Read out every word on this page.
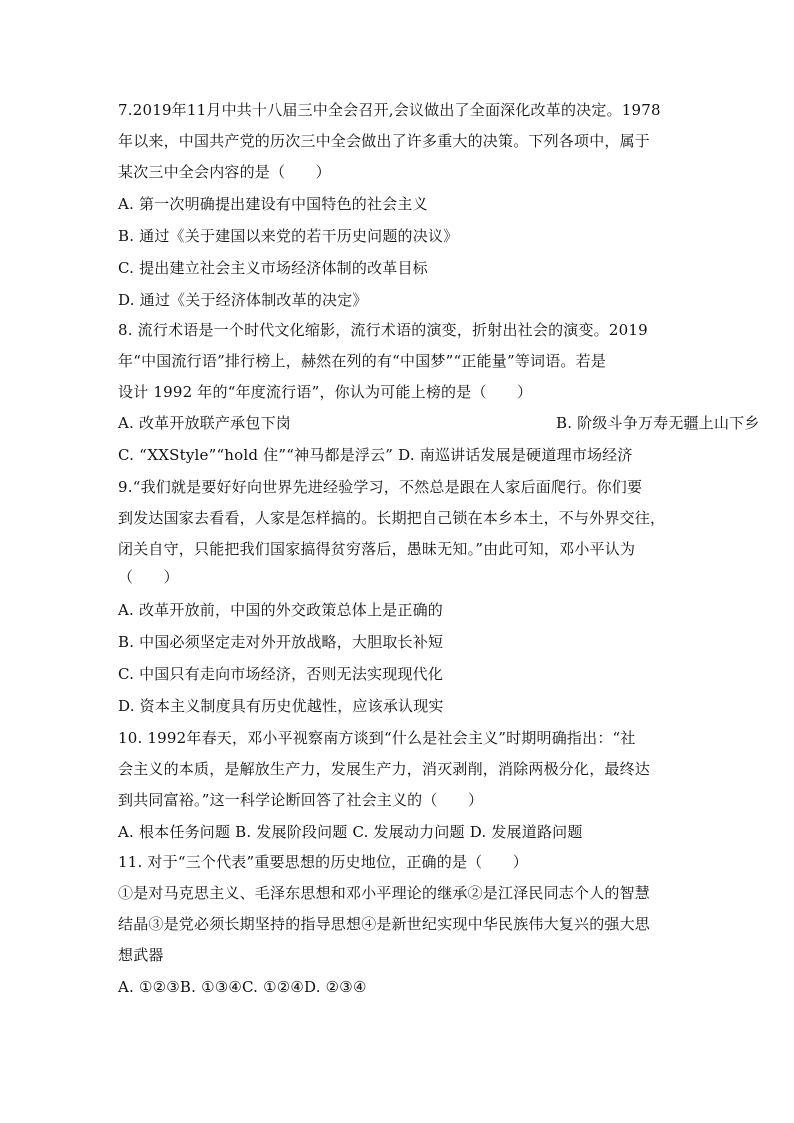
7.2019年11月中共十八届三中全会召开,会议做出了全面深化改革的决定。1978
年以来，中国共产党的历次三中全会做出了许多重大的决策。下列各项中，属于
某次三中全会内容的是（　　）
A. 第一次明确提出建设有中国特色的社会主义
B. 通过《关于建国以来党的若干历史问题的决议》
C. 提出建立社会主义市场经济体制的改革目标
D. 通过《关于经济体制改革的决定》
8. 流行术语是一个时代文化缩影，流行术语的演变，折射出社会的演变。2019
年“中国流行语”排行榜上，赫然在列的有“中国梦”“正能量”等词语。若是
设计 1992 年的“年度流行语”，你认为可能上榜的是（　　）
A. 改革开放联产承包下岗	B. 阶级斗争万寿无疆上山下乡
C. “XXStyle”“hold 住”“神马都是浮云” D. 南巡讲话发展是硬道理市场经济
9.“我们就是要好好向世界先进经验学习，不然总是跟在人家后面爬行。你们要
到发达国家去看看，人家是怎样搞的。长期把自己锁在本乡本土，不与外界交往，
闭关自守，只能把我们国家搞得贫穷落后，愚昧无知。”由此可知，邓小平认为
（　　）
A. 改革开放前，中国的外交政策总体上是正确的
B. 中国必须坚定走对外开放战略，大胆取长补短
C. 中国只有走向市场经济，否则无法实现现代化
D. 资本主义制度具有历史优越性，应该承认现实
10. 1992年春天，邓小平视察南方谈到“什么是社会主义”时期明确指出：“社
会主义的本质，是解放生产力，发展生产力，消灭剥削，消除两极分化，最终达
到共同富裕。”这一科学论断回答了社会主义的（　　）
A. 根本任务问题 B. 发展阶段问题 C. 发展动力问题 D. 发展道路问题
11. 对于“三个代表”重要思想的历史地位，正确的是（　　）
①是对马克思主义、毛泽东思想和邓小平理论的继承②是江泽民同志个人的智慧
结晶③是党必须长期坚持的指导思想④是新世纪实现中华民族伟大复兴的强大思
想武器
A. ①②③B. ①③④C. ①②④D. ②③④
